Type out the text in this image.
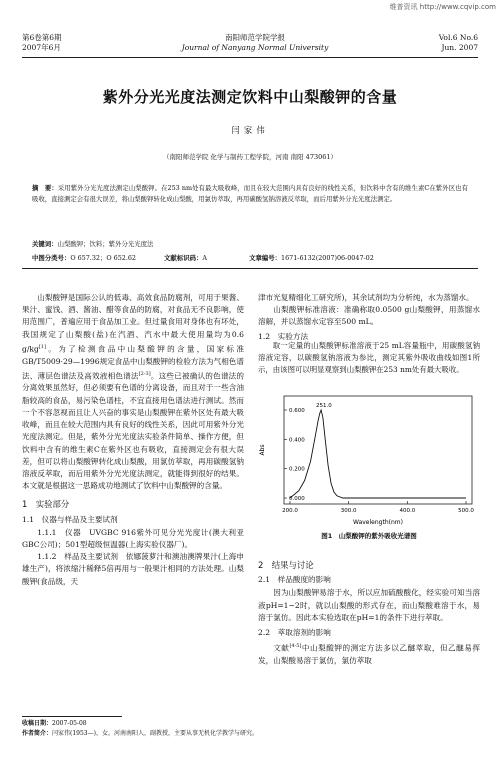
维普资讯 http://www.cqvip.com
第6卷第6期
2007年6月
南阳师范学院学报
Journal of Nanyang Normal University
Vol.6 No.6
Jun. 2007
紫外分光光度法测定饮料中山梨酸钾的含量
闫家伟
（南阳师范学院 化学与制药工程学院，河南 南阳 473061）
摘　要：采用紫外分光光度法测定山梨酸钾。在253 nm处有最大吸收峰，而且在较大范围内具有良好的线性关系，但饮料中含有的维生素C在紫外区也有吸收，直接测定会有很大误差，将山梨酸钾转化成山梨酸，用氯仿萃取，再用碳酸氢钠溶液反萃取，而后用紫外分光光度法测定。
关键词：山梨酸钾；饮料；紫外分光光度法
中图分类号：O 657.32；O 652.62	文献标识码：A	文章编号：1671-6132(2007)06-0047-02

山梨酸钾是国际公认的低毒、高效食品防腐剂，可用于果酱、果汁、蜜饯、酒、酱油、醋等食品的防腐，对食品无不良影响，使用范围广，普遍应用于食品加工业。但过量食用对身体也有坏处，我国规定了山梨酸(盐)在汽酒、汽水中最大使用量均为0.6 g/kg[1]。为了检测食品中山梨酸钾的含量，国家标准GB/T5009·29—1996规定食品中山梨酸钾的检验方法为气相色谱法、薄层色谱法及高效液相色谱法[2-3]。这些已被确认的色谱法的分离效果虽然好，但必须要有色谱的分离设备，而且对于一些含油脂较高的食品，易污染色谱柱，不宜直接用色谱法进行测试。然而一个不容忽视而且让人兴奋的事实是山梨酸钾在紫外区处有最大吸收峰，而且在较大范围内具有良好的线性关系，因此可用紫外分光光度法测定。但是，紫外分光光度法实验条件简单、操作方便，但饮料中含有的维生素C在紫外区也有吸收，直接测定会有很大误差，但可以将山梨酸钾转化成山梨酸，用氯仿萃取，再用碳酸氢钠溶液反萃取，而后用紫外分光光度法测定，就能得到很好的结果。本文就是根据这一思路成功地测试了饮料中山梨酸钾的含量。

1　实验部分
1.1　仪器与样品及主要试剂

1.1.1　仪器　UVGBC 916紫外可见分光光度计(澳大利亚GBC公司)；501型超级恒温器(上海实验仪器厂)。

1.1.2　样品及主要试剂　依娜菠萝汁和澳油澳牌果汁(上海申雄生产)，将浓缩汁稀释5倍再用与一般果汁相同的方法处理。山梨酸钾(食品级，天

津市光复精细化工研究所)，其余试剂均为分析纯，水为蒸馏水。

山梨酸钾标准溶液：准确称取0.0500 g山梨酸钾，用蒸馏水溶解，并以蒸馏水定容至500 mL。

1.2　实验方法

取一定量的山梨酸钾标准溶液于25 mL容量瓶中，用碳酸氢钠溶液定容，以碳酸氢钠溶液为参比，测定其紫外吸收曲线如图1所示，由该图可以明显观察到山梨酸钾在253 nm处有最大吸收。

Abs
Wavelength(nm)
200.0	300.0	400.0	500.0
0.000
0.200
0.400
0.600
251.0
图1　山梨酸钾的紫外吸收光谱图
2　结果与讨论
2.1　样品酸度的影响

因为山梨酸钾易溶于水，所以应加硫酸酸化，经实验可知当溶液pH=1~2时，就以山梨酸的形式存在，而山梨酸难溶于水，易溶于氯仿。因此本实验选取在pH=1的条件下进行萃取。

2.2　萃取溶剂的影响

文献[4-5]中山梨酸钾的测定方法多以乙醚萃取，但乙醚易挥发，山梨酸易溶于氯仿，氯仿萃取

收稿日期：2007-05-08
作者简介：闫家伟(1953—)，女，河南南阳人，副教授，主要从事无机化学教学与研究。
